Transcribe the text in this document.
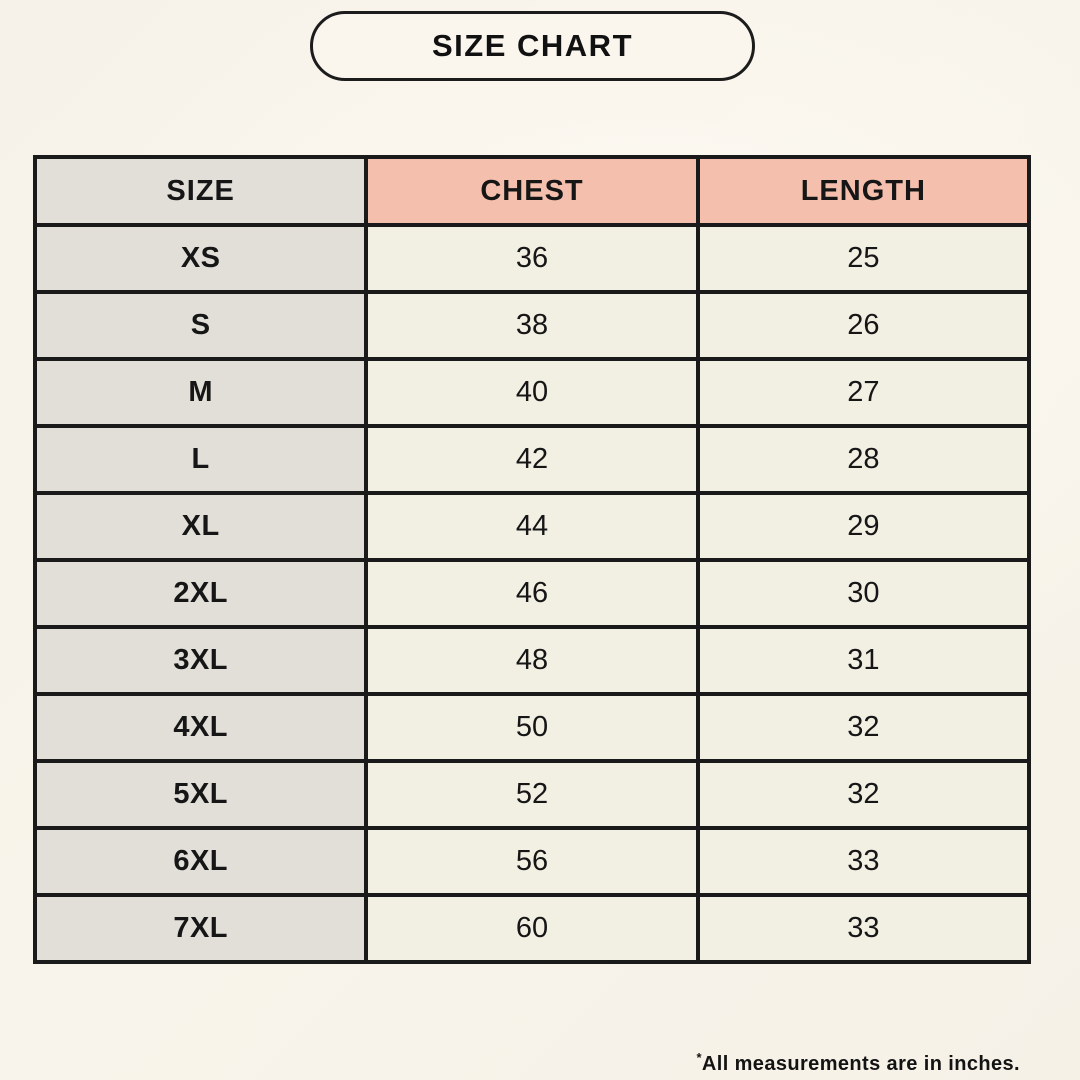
SIZE CHART
SIZE	CHEST	LENGTH
XS	36	25
S	38	26
M	40	27
L	42	28
XL	44	29
2XL	46	30
3XL	48	31
4XL	50	32
5XL	52	32
6XL	56	33
7XL	60	33
*All measurements are in inches.
